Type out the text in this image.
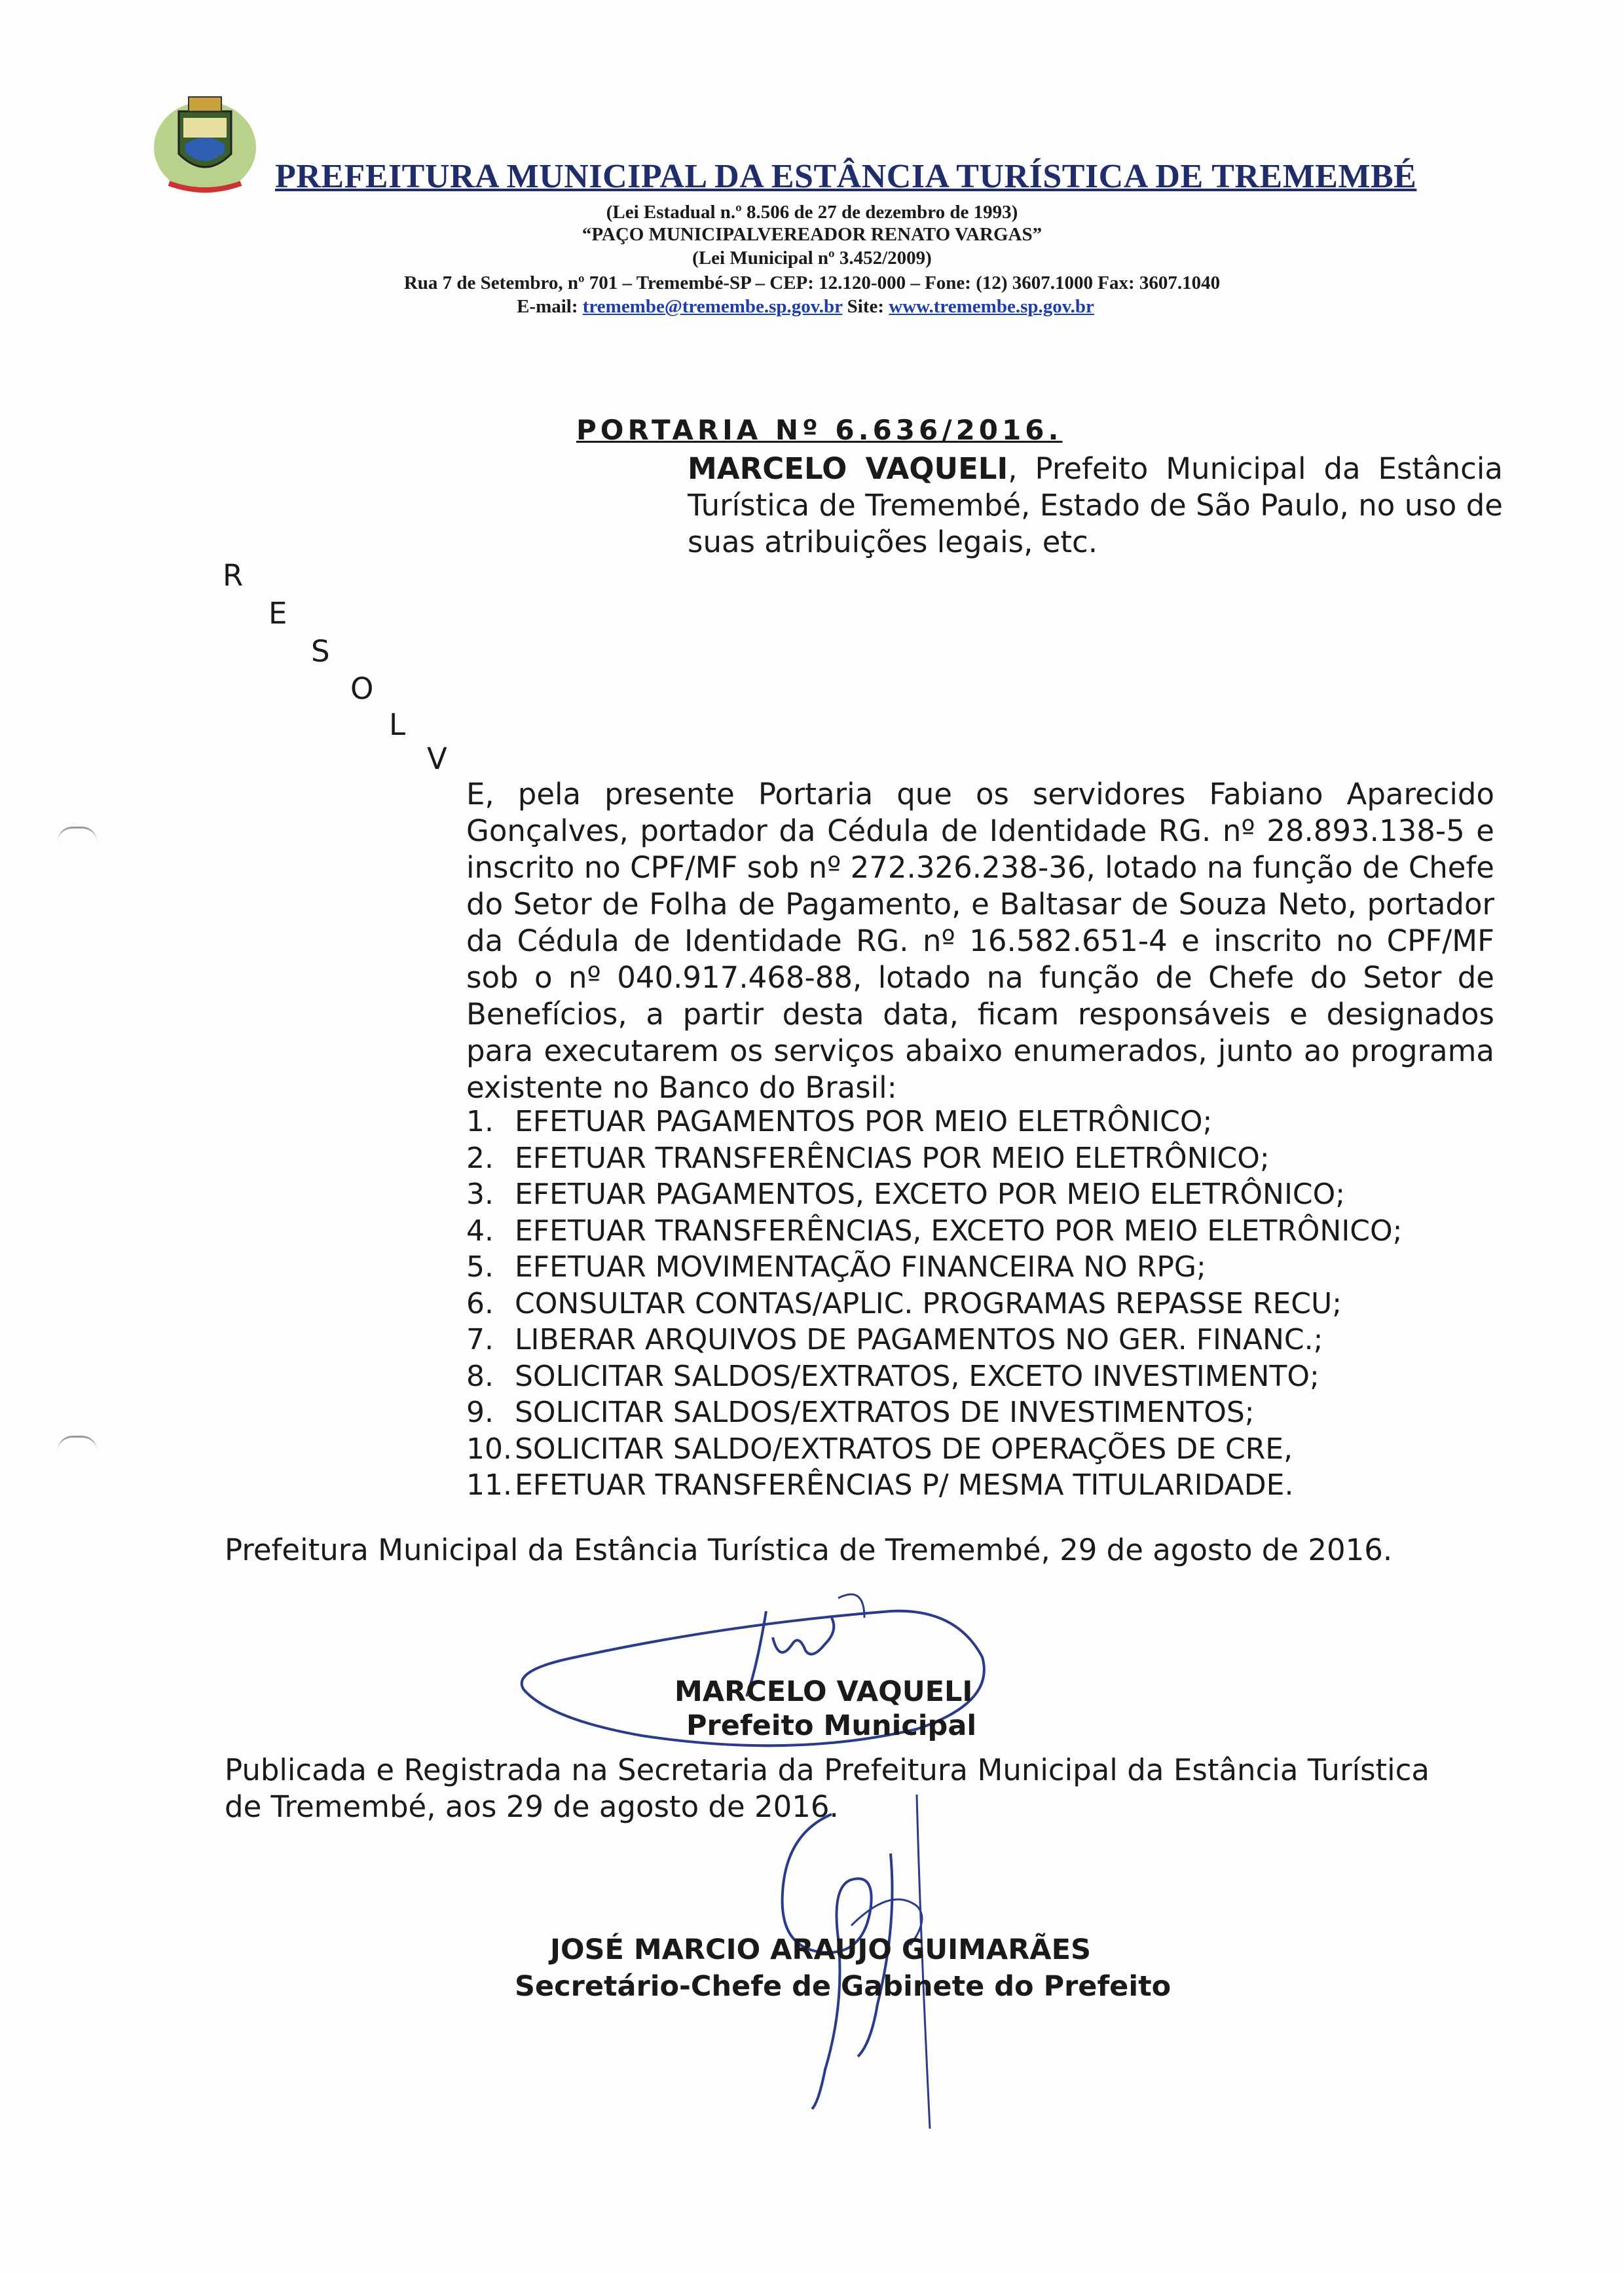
PREFEITURA MUNICIPAL DA ESTÂNCIA TURÍSTICA DE TREMEMBÉ
(Lei Estadual n.º 8.506 de 27 de dezembro de 1993)
“PAÇO MUNICIPALVEREADOR RENATO VARGAS”
(Lei Municipal nº 3.452/2009)
Rua 7 de Setembro, nº 701 – Tremembé-SP – CEP: 12.120-000 – Fone: (12) 3607.1000 Fax: 3607.1040
E-mail: tremembe@tremembe.sp.gov.br Site: www.tremembe.sp.gov.br
PORTARIA Nº 6.636/2016.
MARCELO VAQUELI, Prefeito Municipal da Estância Turística de Tremembé, Estado de São Paulo, no uso de suas atribuições legais, etc.
R
E
S
O
L
V
E, pela presente Portaria que os servidores Fabiano Aparecido Gonçalves, portador da Cédula de Identidade RG. nº 28.893.138-5 e inscrito no CPF/MF sob nº 272.326.238-36, lotado na função de Chefe do Setor de Folha de Pagamento, e Baltasar de Souza Neto, portador da Cédula de Identidade RG. nº 16.582.651-4 e inscrito no CPF/MF sob o nº 040.917.468-88, lotado na função de Chefe do Setor de Benefícios, a partir desta data, ficam responsáveis e designados para executarem os serviços abaixo enumerados, junto ao programa existente no Banco do Brasil:
1. EFETUAR PAGAMENTOS POR MEIO ELETRÔNICO;
2. EFETUAR TRANSFERÊNCIAS POR MEIO ELETRÔNICO;
3. EFETUAR PAGAMENTOS, EXCETO POR MEIO ELETRÔNICO;
4. EFETUAR TRANSFERÊNCIAS, EXCETO POR MEIO ELETRÔNICO;
5. EFETUAR MOVIMENTAÇÃO FINANCEIRA NO RPG;
6. CONSULTAR CONTAS/APLIC. PROGRAMAS REPASSE RECU;
7. LIBERAR ARQUIVOS DE PAGAMENTOS NO GER. FINANC.;
8. SOLICITAR SALDOS/EXTRATOS, EXCETO INVESTIMENTO;
9. SOLICITAR SALDOS/EXTRATOS DE INVESTIMENTOS;
10. SOLICITAR SALDO/EXTRATOS DE OPERAÇÕES DE CRE,
11. EFETUAR TRANSFERÊNCIAS P/ MESMA TITULARIDADE.
Prefeitura Municipal da Estância Turística de Tremembé, 29 de agosto de 2016.
MARCELO VAQUELI
Prefeito Municipal
Publicada e Registrada na Secretaria da Prefeitura Municipal da Estância Turística de Tremembé, aos 29 de agosto de 2016.
JOSÉ MARCIO ARAUJO GUIMARÃES
Secretário-Chefe de Gabinete do Prefeito
